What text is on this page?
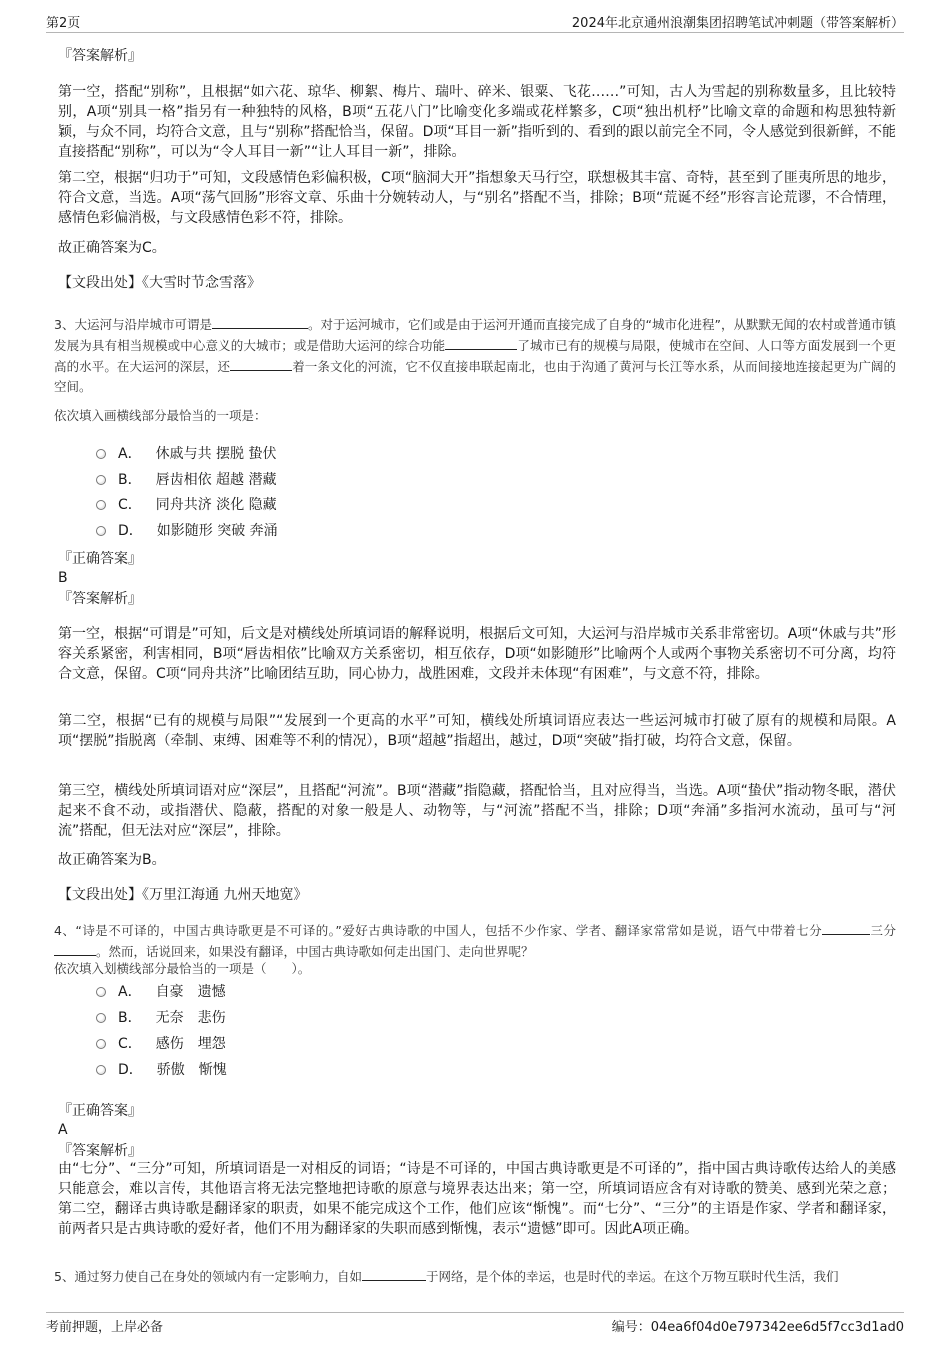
第2页	2024年北京通州浪潮集团招聘笔试冲刺题（带答案解析）
『答案解析』

第一空，搭配“别称”，且根据“如六花、琼华、柳絮、梅片、瑞叶、碎米、银粟、飞花……”可知，古人为雪起的别称数量多，且比较特别，A项“别具一格”指另有一种独特的风格，B项“五花八门”比喻变化多端或花样繁多，C项“独出机杼”比喻文章的命题和构思独特新颖，与众不同，均符合文意，且与“别称”搭配恰当，保留。D项“耳目一新”指听到的、看到的跟以前完全不同，令人感觉到很新鲜，不能直接搭配“别称”，可以为“令人耳目一新”“让人耳目一新”，排除。

第二空，根据“归功于”可知，文段感情色彩偏积极，C项“脑洞大开”指想象天马行空，联想极其丰富、奇特，甚至到了匪夷所思的地步，符合文意，当选。A项“荡气回肠”形容文章、乐曲十分婉转动人，与“别名”搭配不当，排除；B项“荒诞不经”形容言论荒谬，不合情理，感情色彩偏消极，与文段感情色彩不符，排除。

故正确答案为C。

【文段出处】《大雪时节念雪落》

3、大运河与沿岸城市可谓是	。对于运河城市，它们或是由于运河开通而直接完成了自身的“城市化进程”，从默默无闻的农村或普通市镇发展为具有相当规模或中心意义的大城市；或是借助大运河的综合功能	了城市已有的规模与局限，使城市在空间、人口等方面发展到一个更高的水平。在大运河的深层，还	着一条文化的河流，它不仅直接串联起南北，也由于沟通了黄河与长江等水系，从而间接地连接起更为广阔的空间。

依次填入画横线部分最恰当的一项是：

A． 休戚与共 摆脱 蛰伏
B． 唇齿相依 超越 潜藏
C． 同舟共济 淡化 隐藏
D． 如影随形 突破 奔涌
『正确答案』
B
『答案解析』

第一空，根据“可谓是”可知，后文是对横线处所填词语的解释说明，根据后文可知，大运河与沿岸城市关系非常密切。A项“休戚与共”形容关系紧密，利害相同，B项“唇齿相依”比喻双方关系密切，相互依存，D项“如影随形”比喻两个人或两个事物关系密切不可分离，均符合文意，保留。C项“同舟共济”比喻团结互助，同心协力，战胜困难，文段并未体现“有困难”，与文意不符，排除。

第二空，根据“已有的规模与局限”“发展到一个更高的水平”可知，横线处所填词语应表达一些运河城市打破了原有的规模和局限。A项“摆脱”指脱离（牵制、束缚、困难等不利的情况），B项“超越”指超出，越过，D项“突破”指打破，均符合文意，保留。

第三空，横线处所填词语对应“深层”，且搭配“河流”。B项“潜藏”指隐藏，搭配恰当，且对应得当，当选。A项“蛰伏”指动物冬眠，潜伏起来不食不动，或指潜伏、隐蔽，搭配的对象一般是人、动物等，与“河流”搭配不当，排除；D项“奔涌”多指河水流动，虽可与“河流”搭配，但无法对应“深层”，排除。

故正确答案为B。

【文段出处】《万里江海通 九州天地宽》

4、“诗是不可译的，中国古典诗歌更是不可译的。”爱好古典诗歌的中国人，包括不少作家、学者、翻译家常常如是说，语气中带着七分	三分。然而，话说回来，如果没有翻译，中国古典诗歌如何走出国门、走向世界呢？

依次填入划横线部分最恰当的一项是（　　）。

A． 自豪　遗憾
B． 无奈　悲伤
C． 感伤　埋怨
D． 骄傲　惭愧
『正确答案』
A
『答案解析』

由“七分”、“三分”可知，所填词语是一对相反的词语；“诗是不可译的，中国古典诗歌更是不可译的”，指中国古典诗歌传达给人的美感只能意会，难以言传，其他语言将无法完整地把诗歌的原意与境界表达出来；第一空，所填词语应含有对诗歌的赞美、感到光荣之意；第二空，翻译古典诗歌是翻译家的职责，如果不能完成这个工作，他们应该“惭愧”。而“七分”、“三分”的主语是作家、学者和翻译家，前两者只是古典诗歌的爱好者，他们不用为翻译家的失职而感到惭愧，表示“遗憾”即可。因此A项正确。

5、通过努力使自己在身处的领域内有一定影响力，自如	于网络，是个体的幸运，也是时代的幸运。在这个万物互联时代生活，我们

考前押题，上岸必备	编号：04ea6f04d0e797342ee6d5f7cc3d1ad0
